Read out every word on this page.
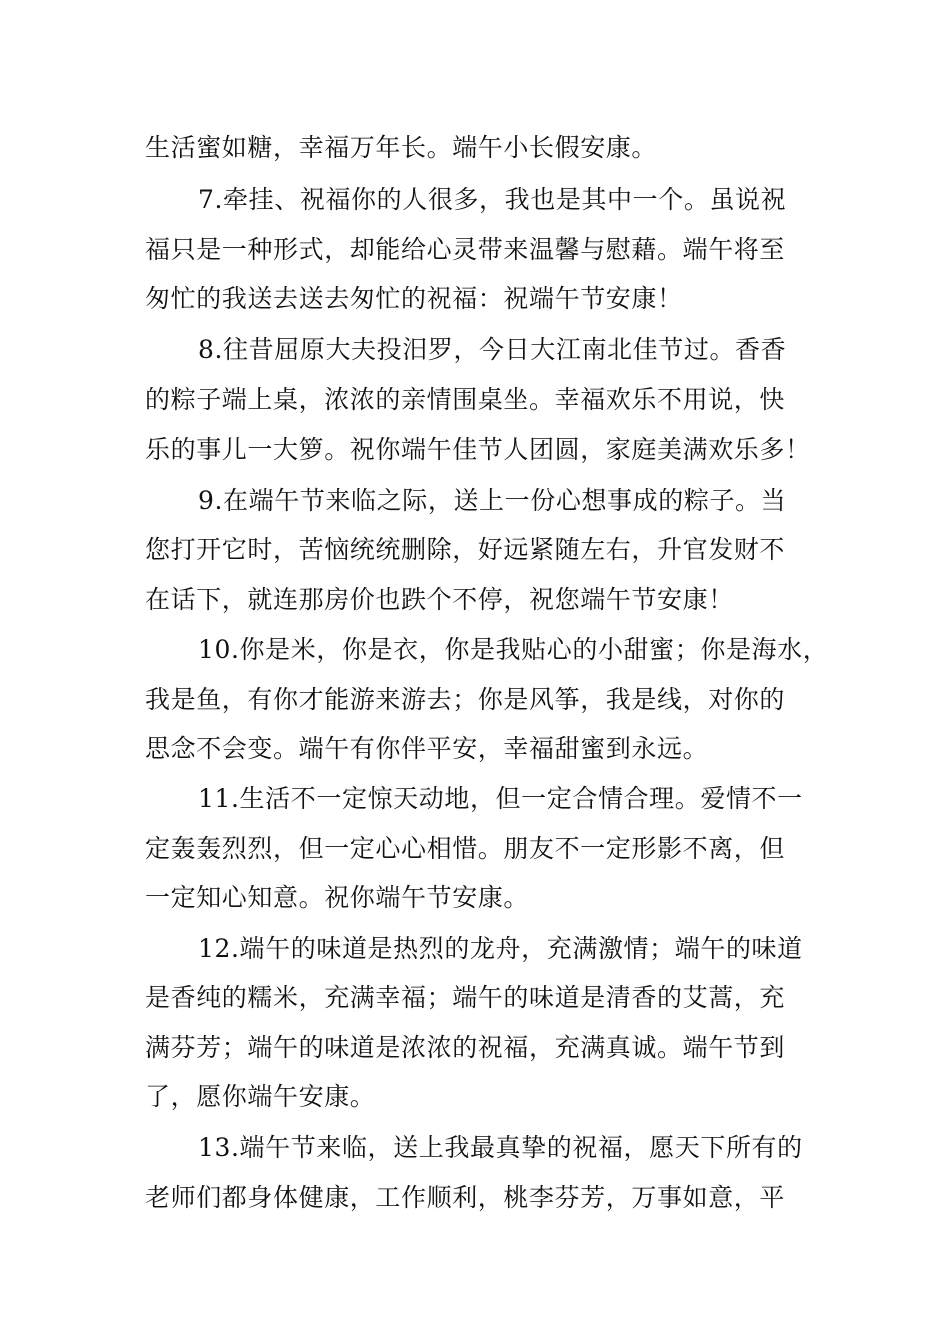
生活蜜如糖，幸福万年长。端午小长假安康。
7.牵挂、祝福你的人很多，我也是其中一个。虽说祝
福只是一种形式，却能给心灵带来温馨与慰藉。端午将至
匆忙的我送去送去匆忙的祝福：祝端午节安康！
8.往昔屈原大夫投汨罗，今日大江南北佳节过。香香
的粽子端上桌，浓浓的亲情围桌坐。幸福欢乐不用说，快
乐的事儿一大箩。祝你端午佳节人团圆，家庭美满欢乐多！
9.在端午节来临之际，送上一份心想事成的粽子。当
您打开它时，苦恼统统删除，好远紧随左右，升官发财不
在话下，就连那房价也跌个不停，祝您端午节安康！
10.你是米，你是衣，你是我贴心的小甜蜜；你是海水，
我是鱼，有你才能游来游去；你是风筝，我是线，对你的
思念不会变。端午有你伴平安，幸福甜蜜到永远。
11.生活不一定惊天动地，但一定合情合理。爱情不一
定轰轰烈烈，但一定心心相惜。朋友不一定形影不离，但
一定知心知意。祝你端午节安康。
12.端午的味道是热烈的龙舟，充满激情；端午的味道
是香纯的糯米，充满幸福；端午的味道是清香的艾蒿，充
满芬芳；端午的味道是浓浓的祝福，充满真诚。端午节到
了，愿你端午安康。
13.端午节来临，送上我最真挚的祝福，愿天下所有的
老师们都身体健康，工作顺利，桃李芬芳，万事如意，平
